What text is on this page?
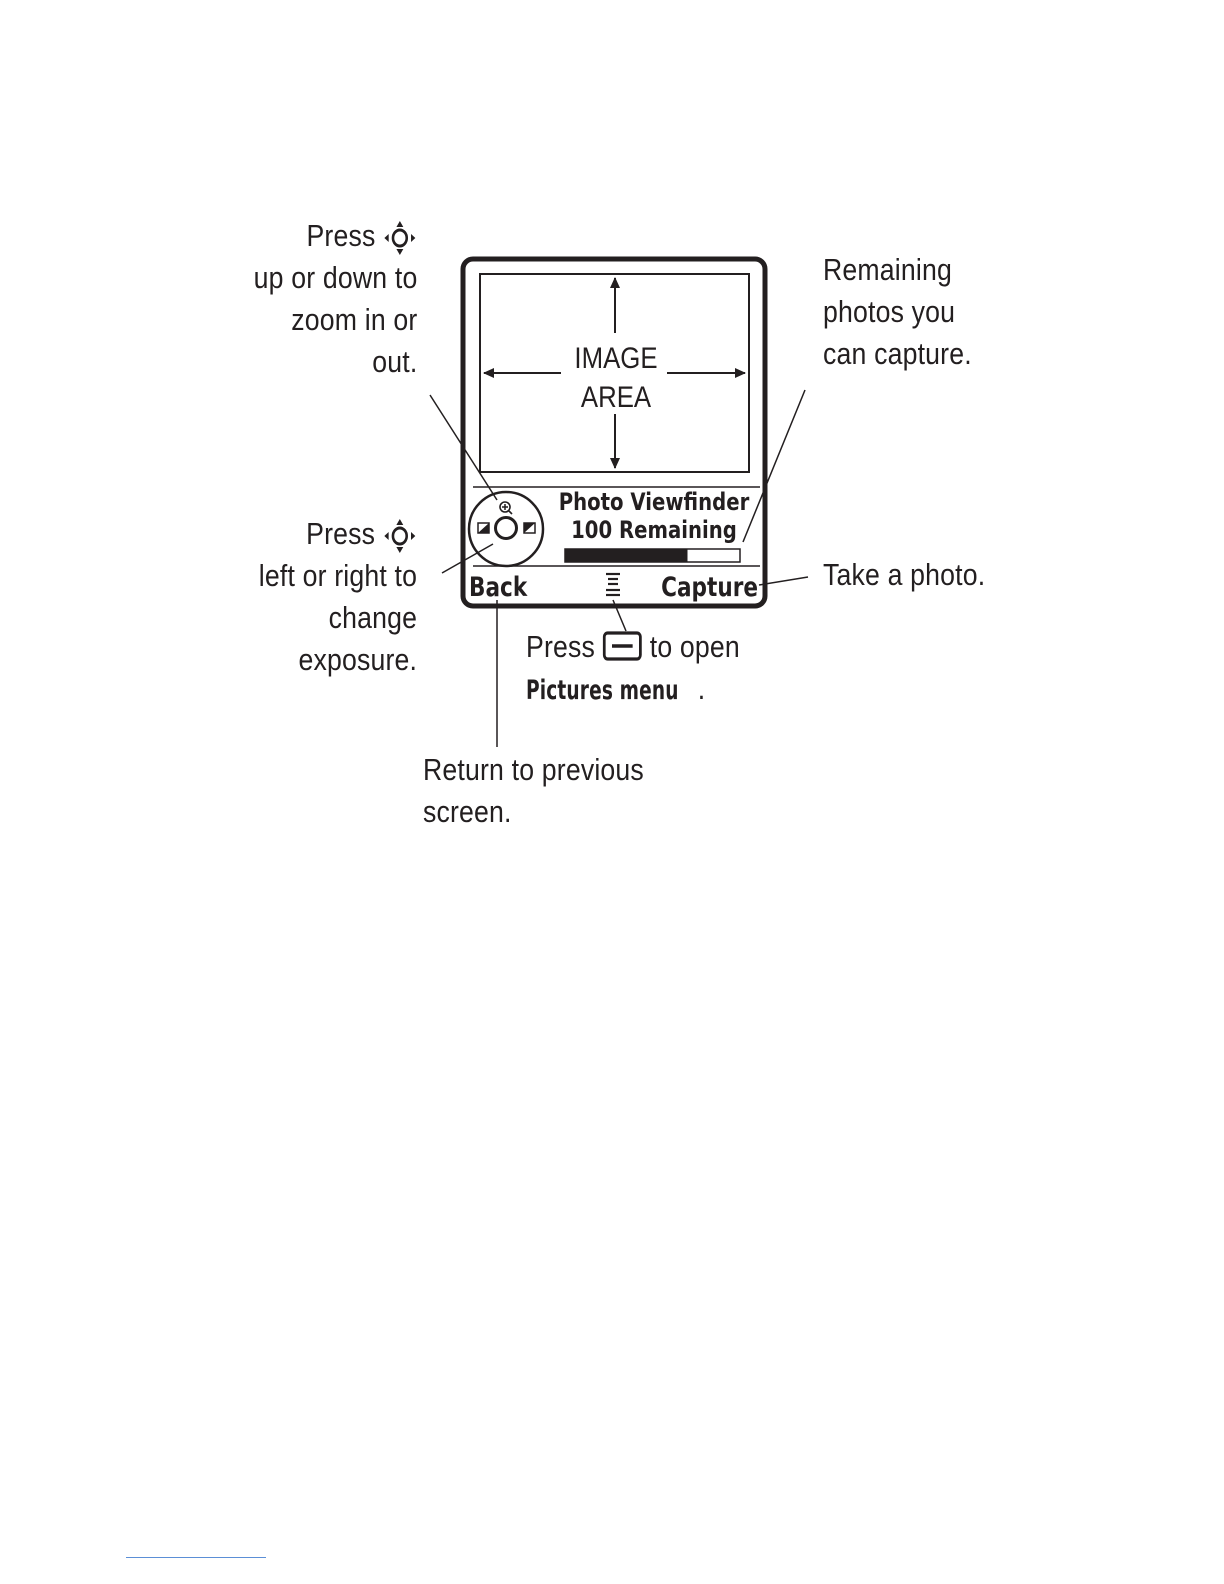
IMAGE
AREA
Photo Viewfinder
100 Remaining
Back	Capture
Press
up or down to
zoom in or
out.
Press
left or right to
change
exposure.
Remaining
photos you
can capture.
Take a photo.
Press to open
Pictures menu .
Return to previous
screen.
